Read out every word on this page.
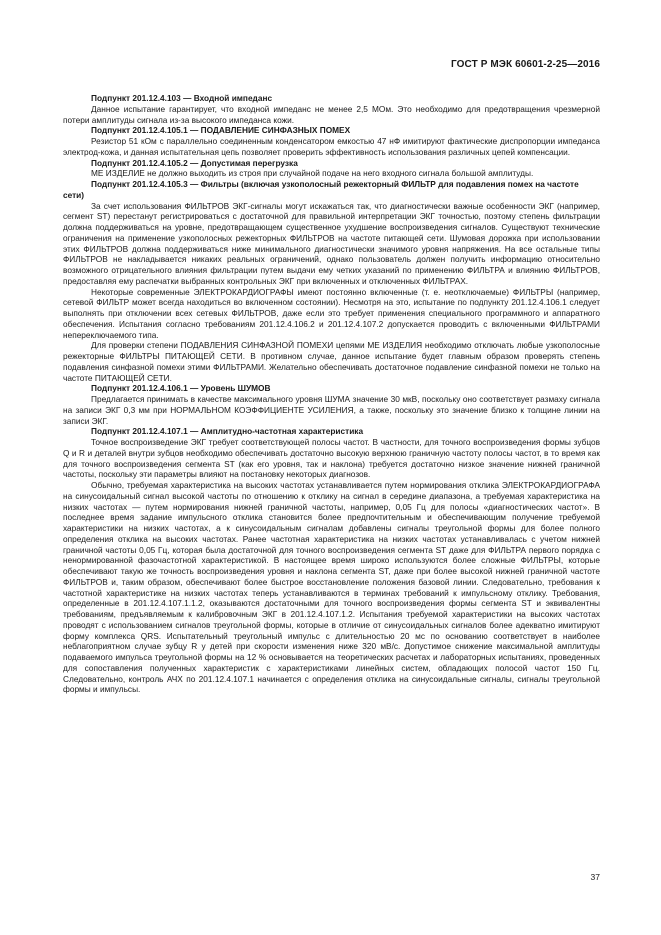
ГОСТ Р МЭК 60601-2-25—2016
Подпункт 201.12.4.103 — Входной импеданс

Данное испытание гарантирует, что входной импеданс не менее 2,5 МОм. Это необходимо для предотвращения чрезмерной потери амплитуды сигнала из-за высокого импеданса кожи.

Подпункт 201.12.4.105.1 — ПОДАВЛЕНИЕ СИНФАЗНЫХ ПОМЕХ

Резистор 51 кОм с параллельно соединенным конденсатором емкостью 47 нФ имитируют фактические диспропорции импеданса электрод-кожа, и данная испытательная цепь позволяет проверить эффективность использования различных цепей компенсации.

Подпункт 201.12.4.105.2 — Допустимая перегрузка

МЕ ИЗДЕЛИЕ не должно выходить из строя при случайной подаче на него входного сигнала большой амплитуды.

Подпункт 201.12.4.105.3 — Фильтры (включая узкополосный режекторный ФИЛЬТР для подавления помех на частоте сети)

За счет использования ФИЛЬТРОВ ЭКГ-сигналы могут искажаться так, что диагностически важные особенности ЭКГ (например, сегмент ST) перестанут регистрироваться с достаточной для правильной интерпретации ЭКГ точностью, поэтому степень фильтрации должна поддерживаться на уровне, предотвращающем существенное ухудшение воспроизведения сигналов. Существуют технические ограничения на применение узкополосных режекторных ФИЛЬТРОВ на частоте питающей сети. Шумовая дорожка при использовании этих ФИЛЬТРОВ должна поддерживаться ниже минимального диагностически значимого уровня напряжения. На все остальные типы ФИЛЬТРОВ не накладывается никаких реальных ограничений, однако пользователь должен получить информацию относительно возможного отрицательного влияния фильтрации путем выдачи ему четких указаний по применению ФИЛЬТРА и влиянию ФИЛЬТРОВ, предоставляя ему распечатки выбранных контрольных ЭКГ при включенных и отключенных ФИЛЬТРАХ.

Некоторые современные ЭЛЕКТРОКАРДИОГРАФЫ имеют постоянно включенные (т. е. неотключаемые) ФИЛЬТРЫ (например, сетевой ФИЛЬТР может всегда находиться во включенном состоянии). Несмотря на это, испытание по подпункту 201.12.4.106.1 следует выполнять при отключении всех сетевых ФИЛЬТРОВ, даже если это требует применения специального программного и аппаратного обеспечения. Испытания согласно требованиям 201.12.4.106.2 и 201.12.4.107.2 допускается проводить с включенными ФИЛЬТРАМИ непереключаемого типа.

Для проверки степени ПОДАВЛЕНИЯ СИНФАЗНОЙ ПОМЕХИ цепями МЕ ИЗДЕЛИЯ необходимо отключать любые узкополосные режекторные ФИЛЬТРЫ ПИТАЮЩЕЙ СЕТИ. В противном случае, данное испытание будет главным образом проверять степень подавления синфазной помехи этими ФИЛЬТРАМИ. Желательно обеспечивать достаточное подавление синфазной помехи не только на частоте ПИТАЮЩЕЙ СЕТИ.

Подпункт 201.12.4.106.1 — Уровень ШУМОВ

Предлагается принимать в качестве максимального уровня ШУМА значение 30 мкВ, поскольку оно соответствует размаху сигнала на записи ЭКГ 0,3 мм при НОРМАЛЬНОМ КОЭФФИЦИЕНТЕ УСИЛЕНИЯ, а также, поскольку это значение близко к толщине линии на записи ЭКГ.

Подпункт 201.12.4.107.1 — Амплитудно-частотная характеристика

Точное воспроизведение ЭКГ требует соответствующей полосы частот. В частности, для точного воспроизведения формы зубцов Q и R и деталей внутри зубцов необходимо обеспечивать достаточно высокую верхнюю граничную частоту полосы частот, в то время как для точного воспроизведения сегмента ST (как его уровня, так и наклона) требуется достаточно низкое значение нижней граничной частоты, поскольку эти параметры влияют на постановку некоторых диагнозов.

Обычно, требуемая характеристика на высоких частотах устанавливается путем нормирования отклика ЭЛЕКТРОКАРДИОГРАФА на синусоидальный сигнал высокой частоты по отношению к отклику на сигнал в середине диапазона, а требуемая характеристика на низких частотах — путем нормирования нижней граничной частоты, например, 0,05 Гц для полосы «диагностических частот». В последнее время задание импульсного отклика становится более предпочтительным и обеспечивающим получение требуемой характеристики на низких частотах, а к синусоидальным сигналам добавлены сигналы треугольной формы для более полного определения отклика на высоких частотах. Ранее частотная характеристика на низких частотах устанавливалась с учетом нижней граничной частоты 0,05 Гц, которая была достаточной для точного воспроизведения сегмента ST даже для ФИЛЬТРА первого порядка с ненормированной фазочастотной характеристикой. В настоящее время широко используются более сложные ФИЛЬТРЫ, которые обеспечивают такую же точность воспроизведения уровня и наклона сегмента ST, даже при более высокой нижней граничной частоте ФИЛЬТРОВ и, таким образом, обеспечивают более быстрое восстановление положения базовой линии. Следовательно, требования к частотной характеристике на низких частотах теперь устанавливаются в терминах требований к импульсному отклику. Требования, определенные в 201.12.4.107.1.1.2, оказываются достаточными для точного воспроизведения формы сегмента ST и эквивалентны требованиям, предъявляемым к калибровочным ЭКГ в 201.12.4.107.1.2. Испытания требуемой характеристики на высоких частотах проводят с использованием сигналов треугольной формы, которые в отличие от синусоидальных сигналов более адекватно имитируют форму комплекса QRS. Испытательный треугольный импульс с длительностью 20 мс по основанию соответствует в наиболее неблагоприятном случае зубцу R у детей при скорости изменения ниже 320 мВ/с. Допустимое снижение максимальной амплитуды подаваемого импульса треугольной формы на 12 % основывается на теоретических расчетах и лабораторных испытаниях, проведенных для сопоставления полученных характеристик с характеристиками линейных систем, обладающих полосой частот 150 Гц. Следовательно, контроль АЧХ по 201.12.4.107.1 начинается с определения отклика на синусоидальные сигналы, сигналы треугольной формы и импульсы.

37
